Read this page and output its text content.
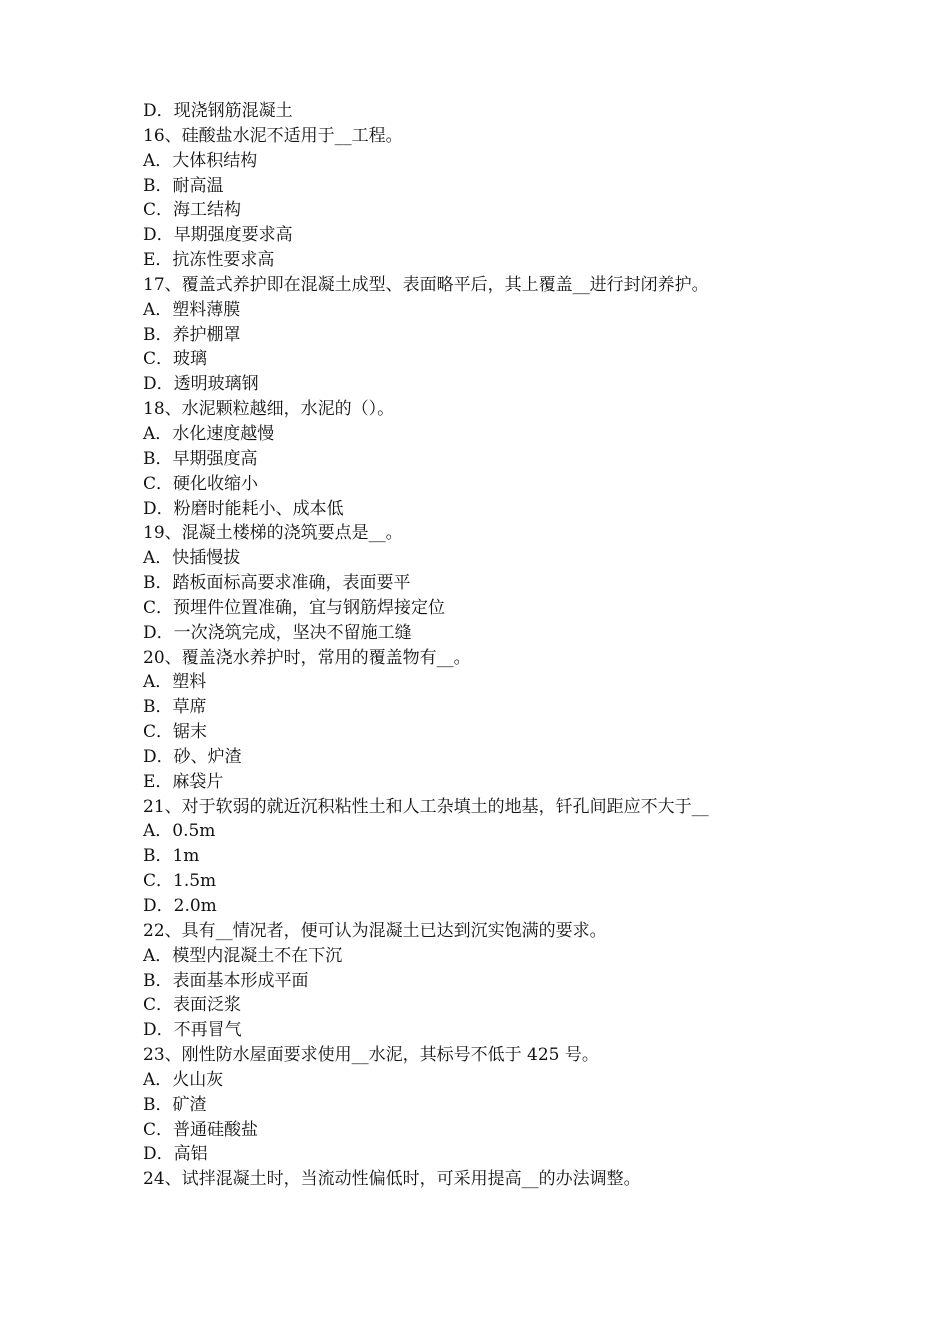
D．现浇钢筋混凝土
16、硅酸盐水泥不适用于__工程。
A．大体积结构
B．耐高温
C．海工结构
D．早期强度要求高
E．抗冻性要求高
17、覆盖式养护即在混凝土成型、表面略平后，其上覆盖__进行封闭养护。
A．塑料薄膜
B．养护棚罩
C．玻璃
D．透明玻璃钢
18、水泥颗粒越细，水泥的（）。
A．水化速度越慢
B．早期强度高
C．硬化收缩小
D．粉磨时能耗小、成本低
19、混凝土楼梯的浇筑要点是__。
A．快插慢拔
B．踏板面标高要求准确，表面要平
C．预埋件位置准确，宜与钢筋焊接定位
D．一次浇筑完成，坚决不留施工缝
20、覆盖浇水养护时，常用的覆盖物有__。
A．塑料
B．草席
C．锯末
D．砂、炉渣
E．麻袋片
21、对于软弱的就近沉积粘性土和人工杂填土的地基，钎孔间距应不大于__
A．0.5m
B．1m
C．1.5m
D．2.0m
22、具有__情况者，便可认为混凝土已达到沉实饱满的要求。
A．模型内混凝土不在下沉
B．表面基本形成平面
C．表面泛浆
D．不再冒气
23、刚性防水屋面要求使用__水泥，其标号不低于 425 号。
A．火山灰
B．矿渣
C．普通硅酸盐
D．高铝
24、试拌混凝土时，当流动性偏低时，可采用提高__的办法调整。
